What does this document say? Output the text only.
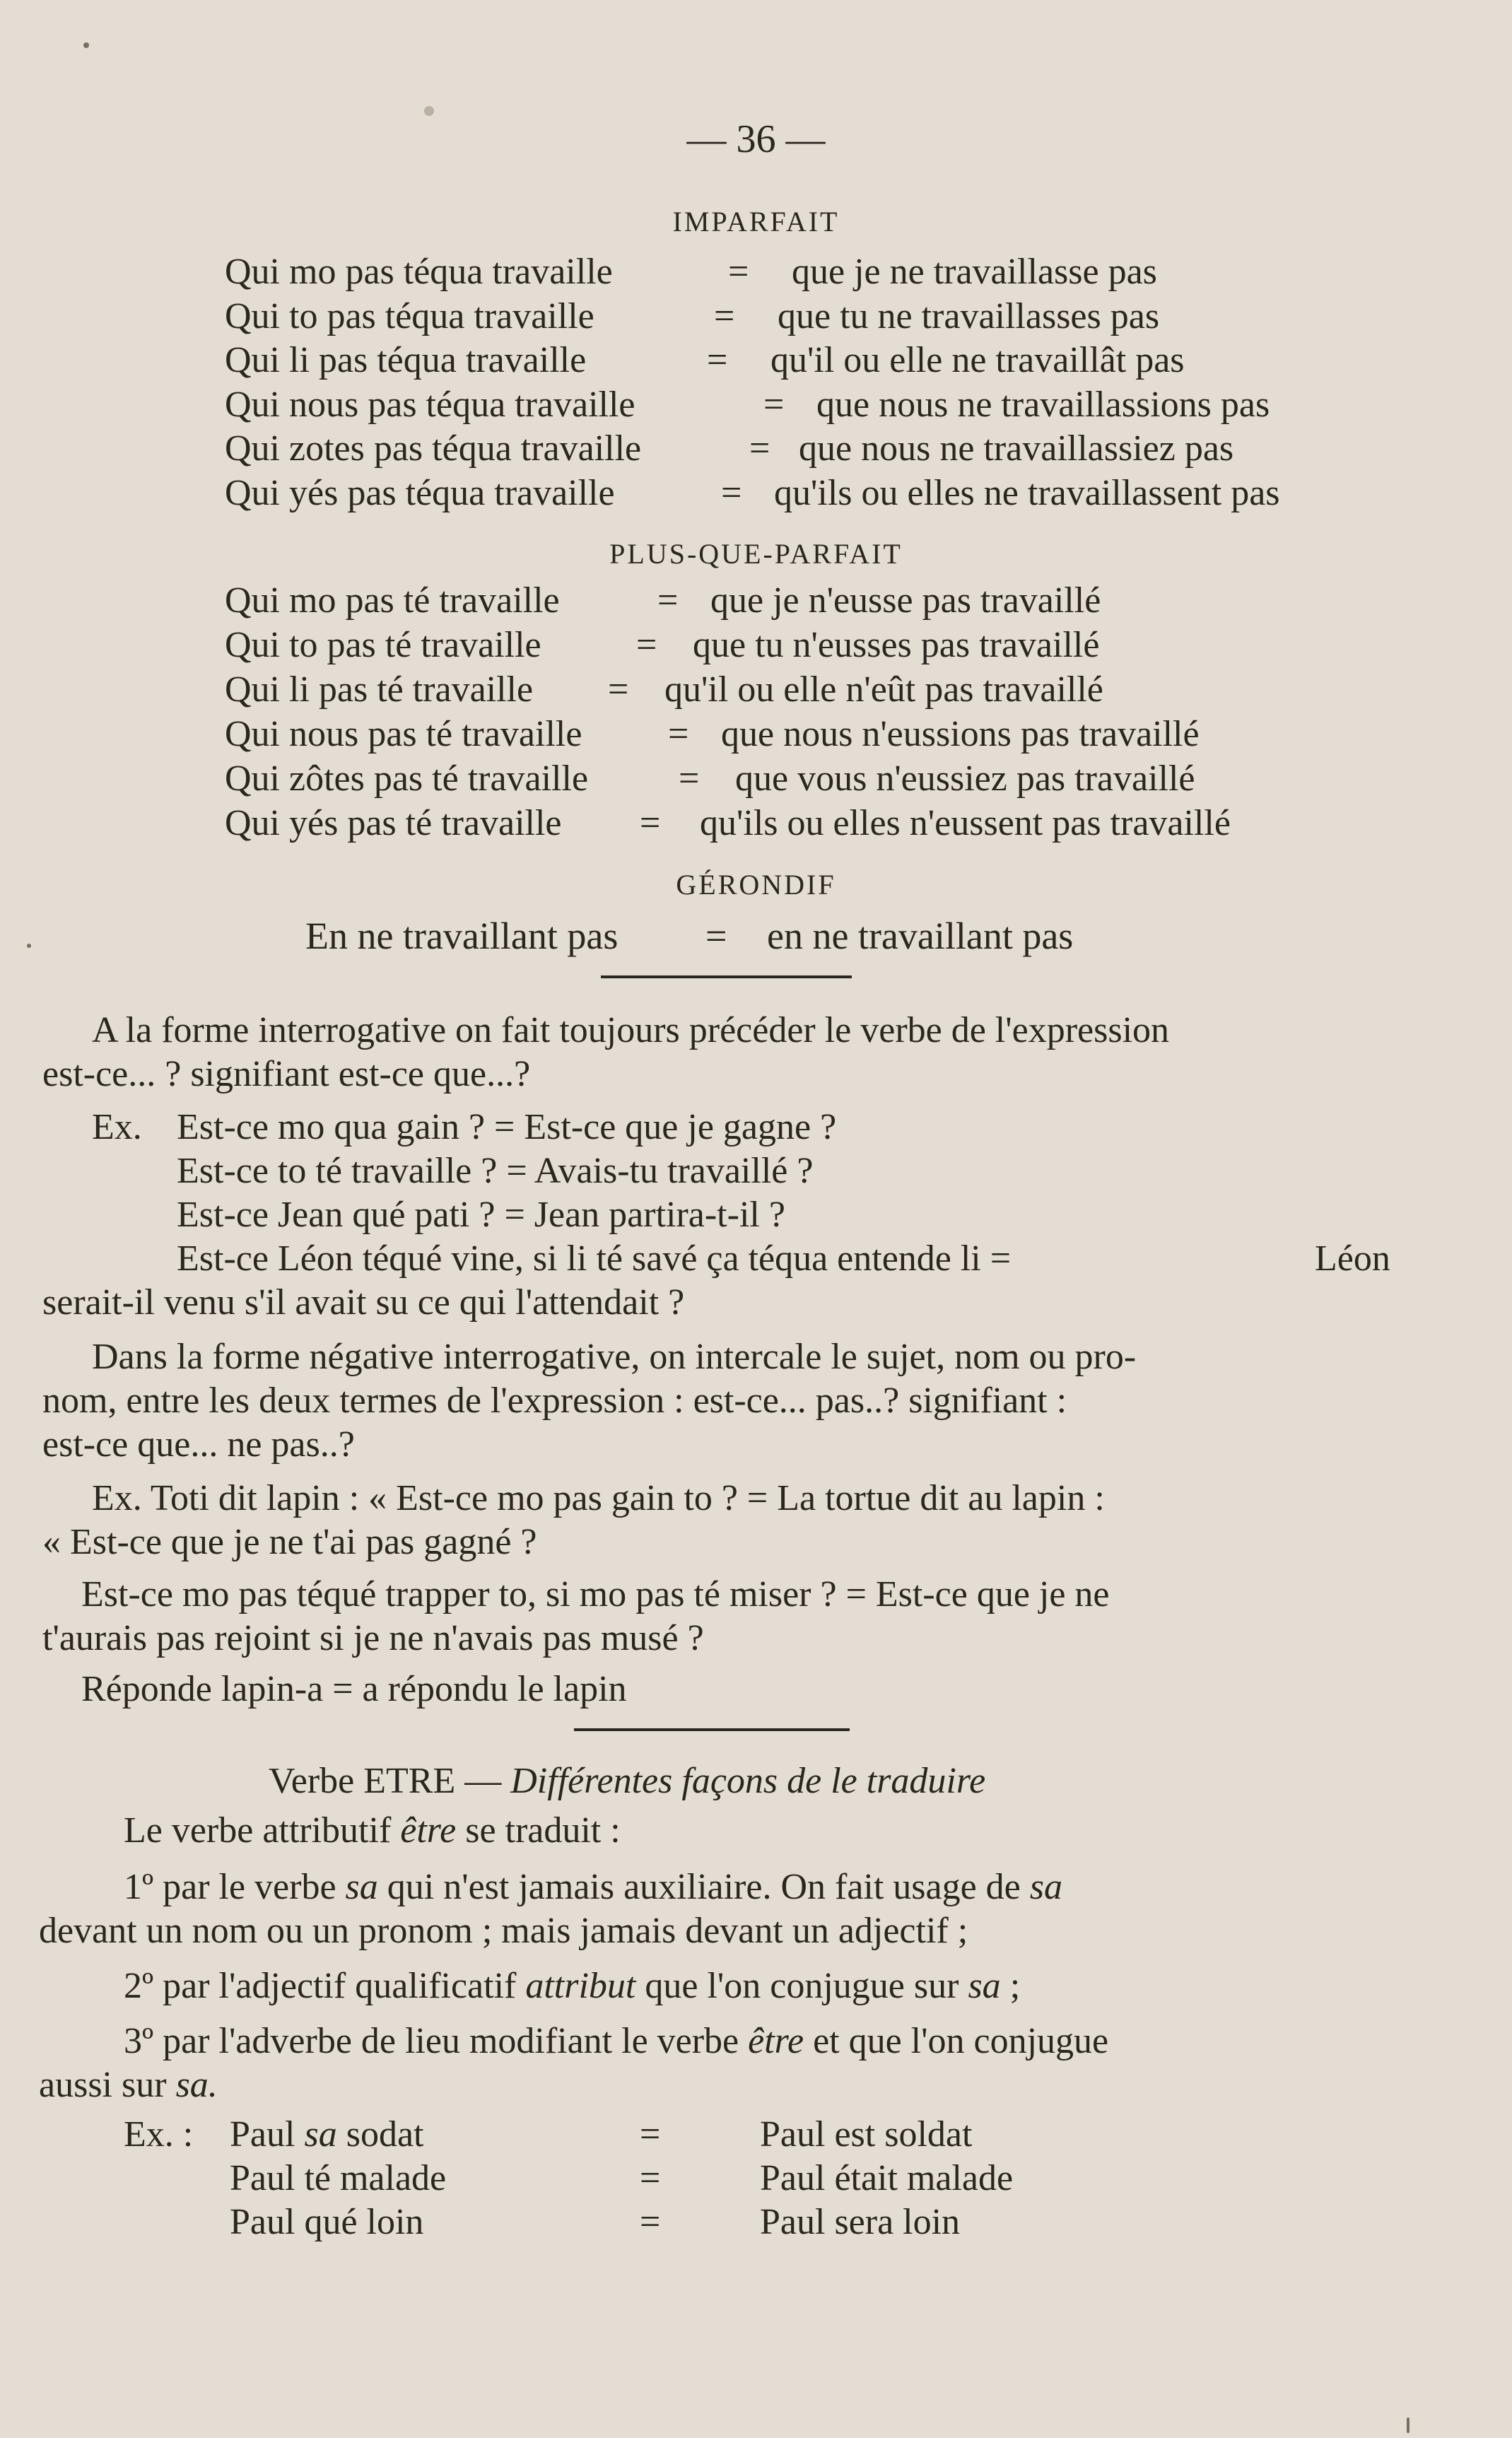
— 36 —
IMPARFAIT
Qui mo pas téqua travaille	= que je ne travaillasse pas
Qui to pas téqua travaille	= que tu ne travaillasses pas
Qui li pas téqua travaille	= qu'il ou elle ne travaillât pas
Qui nous pas téqua travaille	= que nous ne travaillassions pas
Qui zotes pas téqua travaille	= que nous ne travaillassiez pas
Qui yés pas téqua travaille	= qu'ils ou elles ne travaillassent pas
PLUS-QUE-PARFAIT
Qui mo pas té travaille	= que je n'eusse pas travaillé
Qui to pas té travaille	= que tu n'eusses pas travaillé
Qui li pas té travaille = qu'il ou elle n'eût pas travaillé
Qui nous pas té travaille = que nous n'eussions pas travaillé
Qui zôtes pas té travaille = que vous n'eussiez pas travaillé
Qui yés pas té travaille = qu'ils ou elles n'eussent pas travaillé
GÉRONDIF
En ne travaillant pas = en ne travaillant pas
A la forme interrogative on fait toujours précéder le verbe de l'expression
est-ce... ? signifiant est-ce que...?
Ex. Est-ce mo qua gain ? = Est-ce que je gagne ?
Est-ce to té travaille ? = Avais-tu travaillé ?
Est-ce Jean qué pati ? = Jean partira-t-il ?
Est-ce Léon téqué vine, si li té savé ça téqua entende li =	Léon
serait-il venu s'il avait su ce qui l'attendait ?
Dans la forme négative interrogative, on intercale le sujet, nom ou pro-
nom, entre les deux termes de l'expression : est-ce... pas..? signifiant :
est-ce que... ne pas..?
Ex. Toti dit lapin : « Est-ce mo pas gain to ? = La tortue dit au lapin :
« Est-ce que je ne t'ai pas gagné ?
Est-ce mo pas téqué trapper to, si mo pas té miser ? = Est-ce que je ne
t'aurais pas rejoint si je ne n'avais pas musé ?
Réponde lapin-a = a répondu le lapin
Verbe ETRE — Différentes façons de le traduire
Le verbe attributif être se traduit :
1º par le verbe sa qui n'est jamais auxiliaire. On fait usage de sa
devant un nom ou un pronom ; mais jamais devant un adjectif ;
2º par l'adjectif qualificatif attribut que l'on conjugue sur sa ;
3º par l'adverbe de lieu modifiant le verbe être et que l'on conjugue
aussi sur sa.
Ex. : Paul sa sodat	=	Paul est soldat
Paul té malade	=	Paul était malade
Paul qué loin	=	Paul sera loin
